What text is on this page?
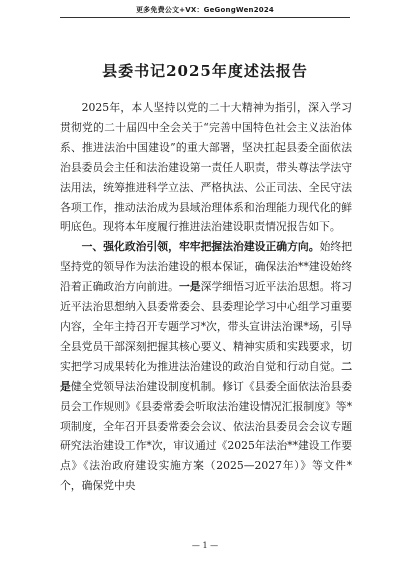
更多免费公文+VX：GeGongWen2024
县委书记2025年度述法报告

2025年，本人坚持以党的二十大精神为指引，深入学习贯彻党的二十届四中全会关于“完善中国特色社会主义法治体系、推进法治中国建设”的重大部署，坚决扛起县委全面依法治县委员会主任和法治建设第一责任人职责，带头尊法学法守法用法，统筹推进科学立法、严格执法、公正司法、全民守法各项工作，推动法治成为县域治理体系和治理能力现代化的鲜明底色。现将本年度履行推进法治建设职责情况报告如下。

一、强化政治引领，牢牢把握法治建设正确方向。始终把坚持党的领导作为法治建设的根本保证，确保法治**建设始终沿着正确政治方向前进。一是深学细悟习近平法治思想。将习近平法治思想纳入县委常委会、县委理论学习中心组学习重要内容，全年主持召开专题学习*次，带头宣讲法治课*场，引导全县党员干部深刻把握其核心要义、精神实质和实践要求，切实把学习成果转化为推进法治建设的政治自觉和行动自觉。二是健全党领导法治建设制度机制。修订《县委全面依法治县委员会工作规则》《县委常委会听取法治建设情况汇报制度》等*项制度，全年召开县委常委会会议、依法治县委员会会议专题研究法治建设工作*次，审议通过《2025年法治**建设工作要点》《法治政府建设实施方案（2025—2027年）》等文件*个，确保党中央

— 1 —
